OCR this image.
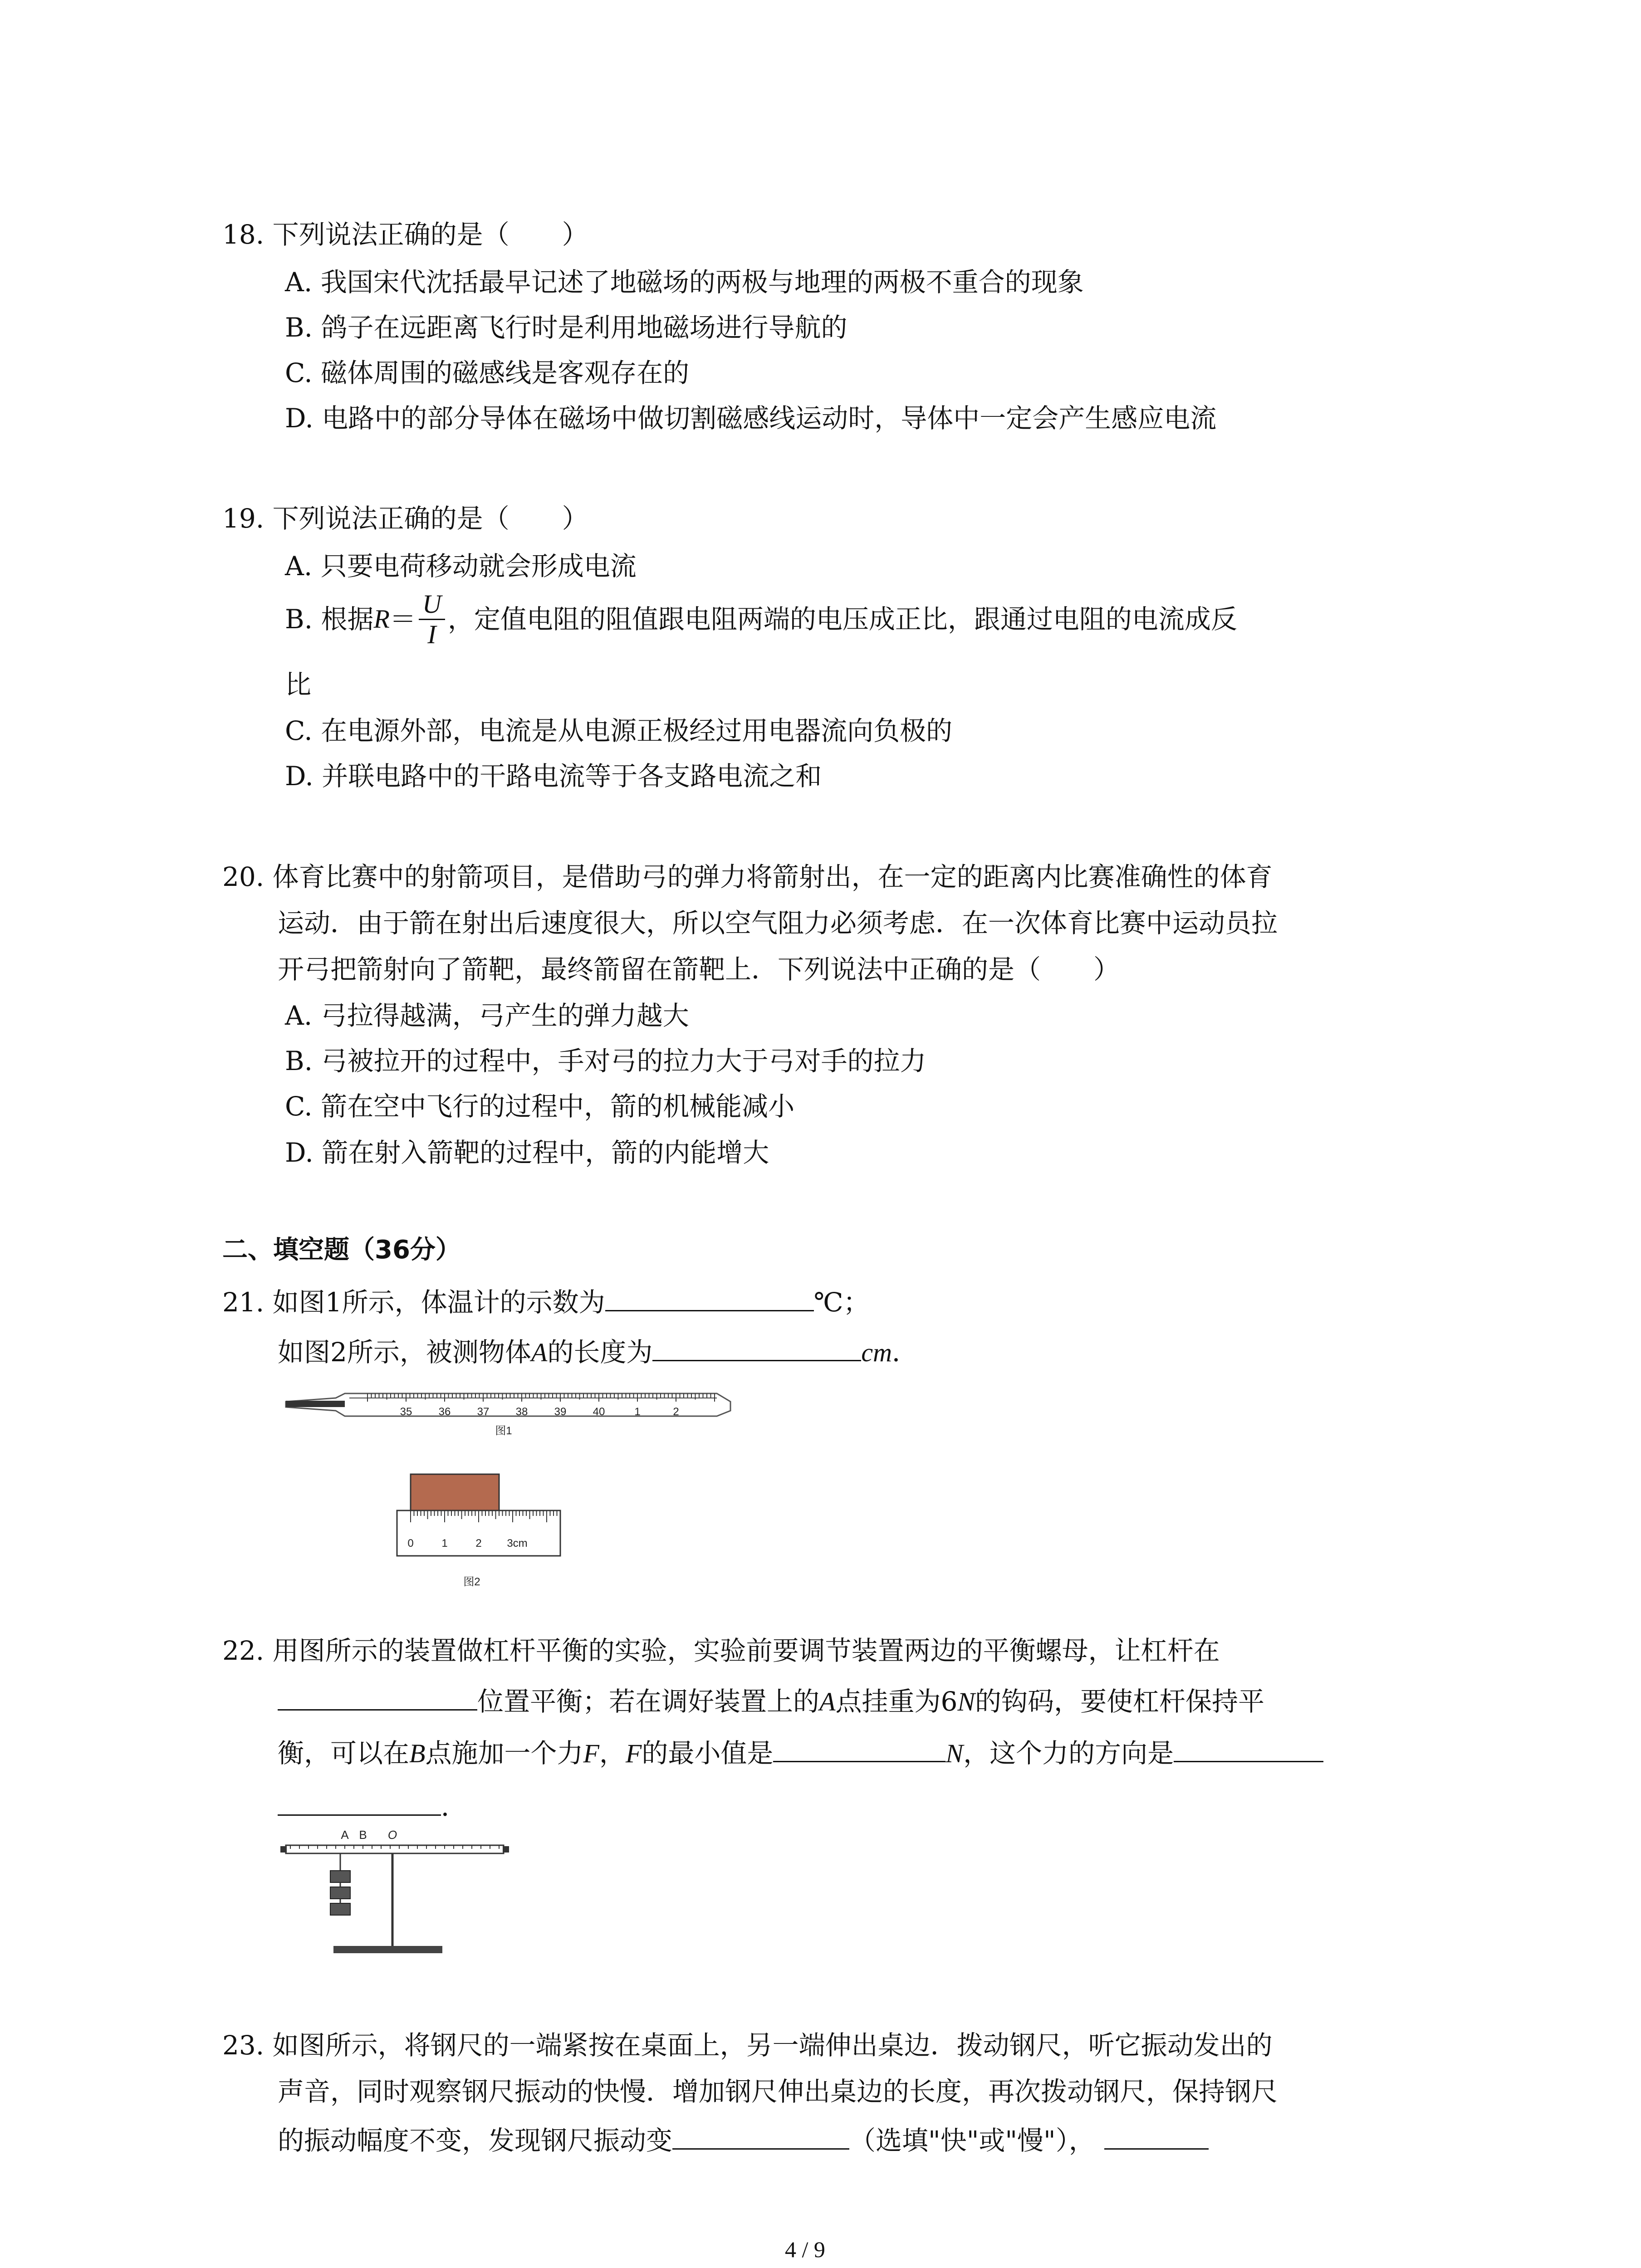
18. 下列说法正确的是（　　）
A. 我国宋代沈括最早记述了地磁场的两极与地理的两极不重合的现象
B. 鸽子在远距离飞行时是利用地磁场进行导航的
C. 磁体周围的磁感线是客观存在的
D. 电路中的部分导体在磁场中做切割磁感线运动时，导体中一定会产生感应电流
19. 下列说法正确的是（　　）
A. 只要电荷移动就会形成电流
B. 根据 $R = \frac{U}{I}$ ，定值电阻的阻值跟电阻两端的电压成正比，跟通过电阻的电流成反
比
C. 在电源外部，电流是从电源正极经过用电器流向负极的
D. 并联电路中的干路电流等于各支路电流之和
20. 体育比赛中的射箭项目，是借助弓的弹力将箭射出，在一定的距离内比赛准确性的体育
运动．由于箭在射出后速度很大，所以空气阻力必须考虑．在一次体育比赛中运动员拉
开弓把箭射向了箭靶，最终箭留在箭靶上．下列说法中正确的是（　　）
A. 弓拉得越满，弓产生的弹力越大
B. 弓被拉开的过程中，手对弓的拉力大于弓对手的拉力
C. 箭在空中飞行的过程中，箭的机械能减小
D. 箭在射入箭靶的过程中，箭的内能增大
二、填空题（36分）
21. 如图1所示，体温计的示数为	℃；
如图2所示，被测物体A的长度为	cm．
35 36 37 38 39 40	1	2
图1
0	1	2 3cm
图2
22. 用图所示的装置做杠杆平衡的实验，实验前要调节装置两边的平衡螺母，让杠杆在
位置平衡；若在调好装置上的A点挂重为6N的钩码，要使杠杆保持平
衡，可以在B点施加一个力F，F的最小值是	N，这个力的方向是
．
A B O
23. 如图所示，将钢尺的一端紧按在桌面上，另一端伸出桌边．拨动钢尺，听它振动发出的
声音，同时观察钢尺振动的快慢．增加钢尺伸出桌边的长度，再次拨动钢尺，保持钢尺
的振动幅度不变，发现钢尺振动变	（选填"快"或"慢"），
4 / 9
